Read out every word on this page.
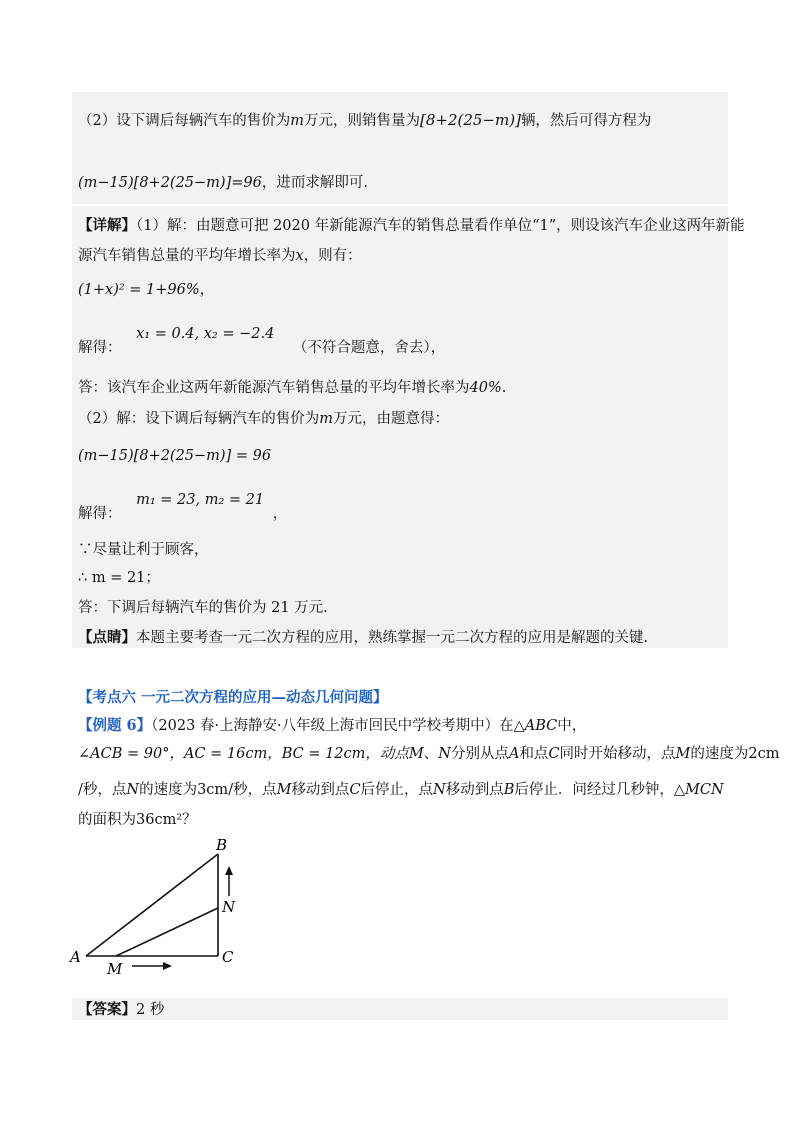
（2）设下调后每辆汽车的售价为m万元，则销售量为[8+2(25−m)]辆，然后可得方程为
(m−15)[8+2(25−m)]=96，进而求解即可.
【详解】（1）解：由题意可把 2020 年新能源汽车的销售总量看作单位“1”，则设该汽车企业这两年新能
源汽车销售总量的平均年增长率为x，则有：
(1+x)² = 1+96%，
解得： x₁ = 0.4, x₂ = −2.4 （不符合题意，舍去），
答：该汽车企业这两年新能源汽车销售总量的平均年增长率为40%.
（2）解：设下调后每辆汽车的售价为m万元，由题意得：
(m−15)[8+2(25−m)] = 96
解得： m₁ = 23, m₂ = 21 ，
∵尽量让利于顾客，
∴ m = 21；
答：下调后每辆汽车的售价为 21 万元.
【点睛】本题主要考查一元二次方程的应用，熟练掌握一元二次方程的应用是解题的关键.
【考点六 一元二次方程的应用—动态几何问题】
【例题 6】（2023 春·上海静安·八年级上海市回民中学校考期中）在△ABC中，
∠ACB = 90°，AC = 16cm，BC = 12cm，动点M、N分别从点A和点C同时开始移动，点M的速度为2cm
/秒，点N的速度为3cm/秒，点M移动到点C后停止，点N移动到点B后停止．问经过几秒钟，△MCN
的面积为36cm²？
A
B
C
M
N
【答案】2 秒
